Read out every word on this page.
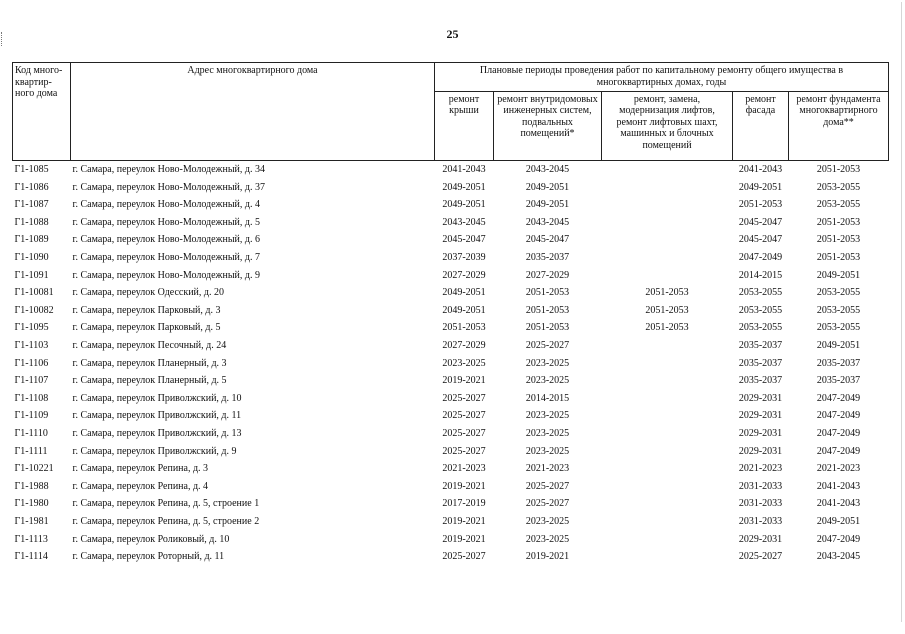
25
Код много-квартир-ного дома	Адрес многоквартирного дома	Плановые периоды проведения работ по капитальному ремонту общего имущества в многоквартирных домах, годы				
		ремонт крыши	ремонт внутридомовых инженерных систем, подвальных помещений*	ремонт, замена, модернизация лифтов, ремонт лифтовых шахт, машинных и блочных помещений	ремонт фасада	ремонт фундамента многоквартирного дома**
Г1-1085	г. Самара, переулок Ново-Молодежный, д. 34	2041-2043	2043-2045		2041-2043	2051-2053
Г1-1086	г. Самара, переулок Ново-Молодежный, д. 37	2049-2051	2049-2051		2049-2051	2053-2055
Г1-1087	г. Самара, переулок Ново-Молодежный, д. 4	2049-2051	2049-2051		2051-2053	2053-2055
Г1-1088	г. Самара, переулок Ново-Молодежный, д. 5	2043-2045	2043-2045		2045-2047	2051-2053
Г1-1089	г. Самара, переулок Ново-Молодежный, д. 6	2045-2047	2045-2047		2045-2047	2051-2053
Г1-1090	г. Самара, переулок Ново-Молодежный, д. 7	2037-2039	2035-2037		2047-2049	2051-2053
Г1-1091	г. Самара, переулок Ново-Молодежный, д. 9	2027-2029	2027-2029		2014-2015	2049-2051
Г1-10081	г. Самара, переулок Одесский, д. 20	2049-2051	2051-2053	2051-2053	2053-2055	2053-2055
Г1-10082	г. Самара, переулок Парковый, д. 3	2049-2051	2051-2053	2051-2053	2053-2055	2053-2055
Г1-1095	г. Самара, переулок Парковый, д. 5	2051-2053	2051-2053	2051-2053	2053-2055	2053-2055
Г1-1103	г. Самара, переулок Песочный, д. 24	2027-2029	2025-2027		2035-2037	2049-2051
Г1-1106	г. Самара, переулок Планерный, д. 3	2023-2025	2023-2025		2035-2037	2035-2037
Г1-1107	г. Самара, переулок Планерный, д. 5	2019-2021	2023-2025		2035-2037	2035-2037
Г1-1108	г. Самара, переулок Приволжский, д. 10	2025-2027	2014-2015		2029-2031	2047-2049
Г1-1109	г. Самара, переулок Приволжский, д. 11	2025-2027	2023-2025		2029-2031	2047-2049
Г1-1110	г. Самара, переулок Приволжский, д. 13	2025-2027	2023-2025		2029-2031	2047-2049
Г1-1111	г. Самара, переулок Приволжский, д. 9	2025-2027	2023-2025		2029-2031	2047-2049
Г1-10221	г. Самара, переулок Репина, д. 3	2021-2023	2021-2023		2021-2023	2021-2023
Г1-1988	г. Самара, переулок Репина, д. 4	2019-2021	2025-2027		2031-2033	2041-2043
Г1-1980	г. Самара, переулок Репина, д. 5, строение 1	2017-2019	2025-2027		2031-2033	2041-2043
Г1-1981	г. Самара, переулок Репина, д. 5, строение 2	2019-2021	2023-2025		2031-2033	2049-2051
Г1-1113	г. Самара, переулок Роликовый, д. 10	2019-2021	2023-2025		2029-2031	2047-2049
Г1-1114	г. Самара, переулок Роторный, д. 11	2025-2027	2019-2021		2025-2027	2043-2045
